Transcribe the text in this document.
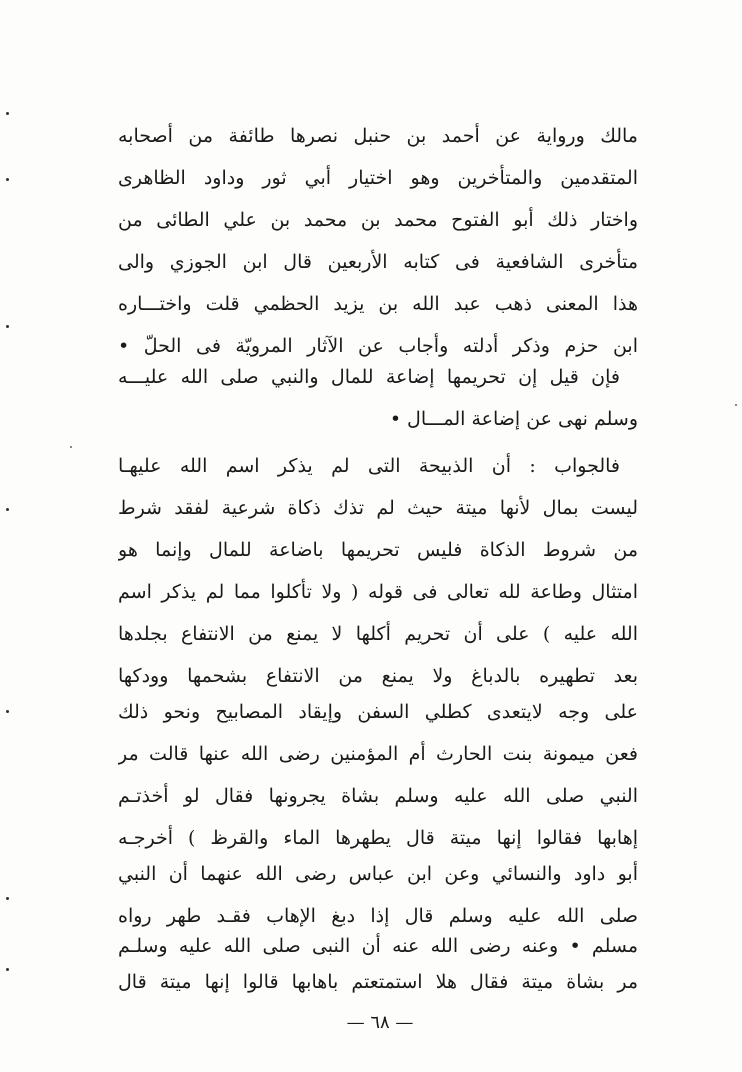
مالك ورواية عن أحمد بن حنبل نصرها طائفة من أصحابه
المتقدمين والمتأخرين وهو اختيار أبي ثور وداود الظاهرى
واختار ذلك أبو الفتوح محمد بن محمد بن علي الطائى من
متأخرى الشافعية فى كتابه الأربعين قال ابن الجوزي والى
هذا المعنى ذهب عبد الله بن يزيد الحظمي قلت واختـــاره
ابن حزم وذكر أدلته وأجاب عن الآثار المرويّة فى الحلّ •
فإن قيل إن تحريمها إضاعة للمال والنبي صلى الله عليـــه
وسلم نهى عن إضاعة المـــال •
فالجواب : أن الذبيحة التى لم يذكر اسم الله عليهـا
ليست بمال لأنها ميتة حيث لم تذك ذكاة شرعية لفقد شرط
من شروط الذكاة فليس تحريمها باضاعة للمال وإنما هو
امتثال وطاعة لله تعالى فى قوله ( ولا تأكلوا مما لم يذكر اسم
الله عليه ) على أن تحريم أكلها لا يمنع من الانتفاع بجلدها
بعد تطهيره بالدباغ ولا يمنع من الانتفاع بشحمها وودكها
على وجه لايتعدى كطلي السفن وإيقاد المصابيح ونحو ذلك
فعن ميمونة بنت الحارث أم المؤمنين رضى الله عنها قالت مر
النبي صلى الله عليه وسلم بشاة يجرونها فقال لو أخذتـم
إهابها فقالوا إنها ميتة قال يطهرها الماء والقرظ ) أخرجـه
أبو داود والنسائي وعن ابن عباس رضى الله عنهما أن النبي
صلى الله عليه وسلم قال إذا دبغ الإهاب فقـد طهر رواه
مسلم • وعنه رضى الله عنه أن النبى صلى الله عليه وسلـم
مر بشاة ميتة فقال هلا استمتعتم باهابها قالوا إنها ميتة قال
— ٦٨ —
